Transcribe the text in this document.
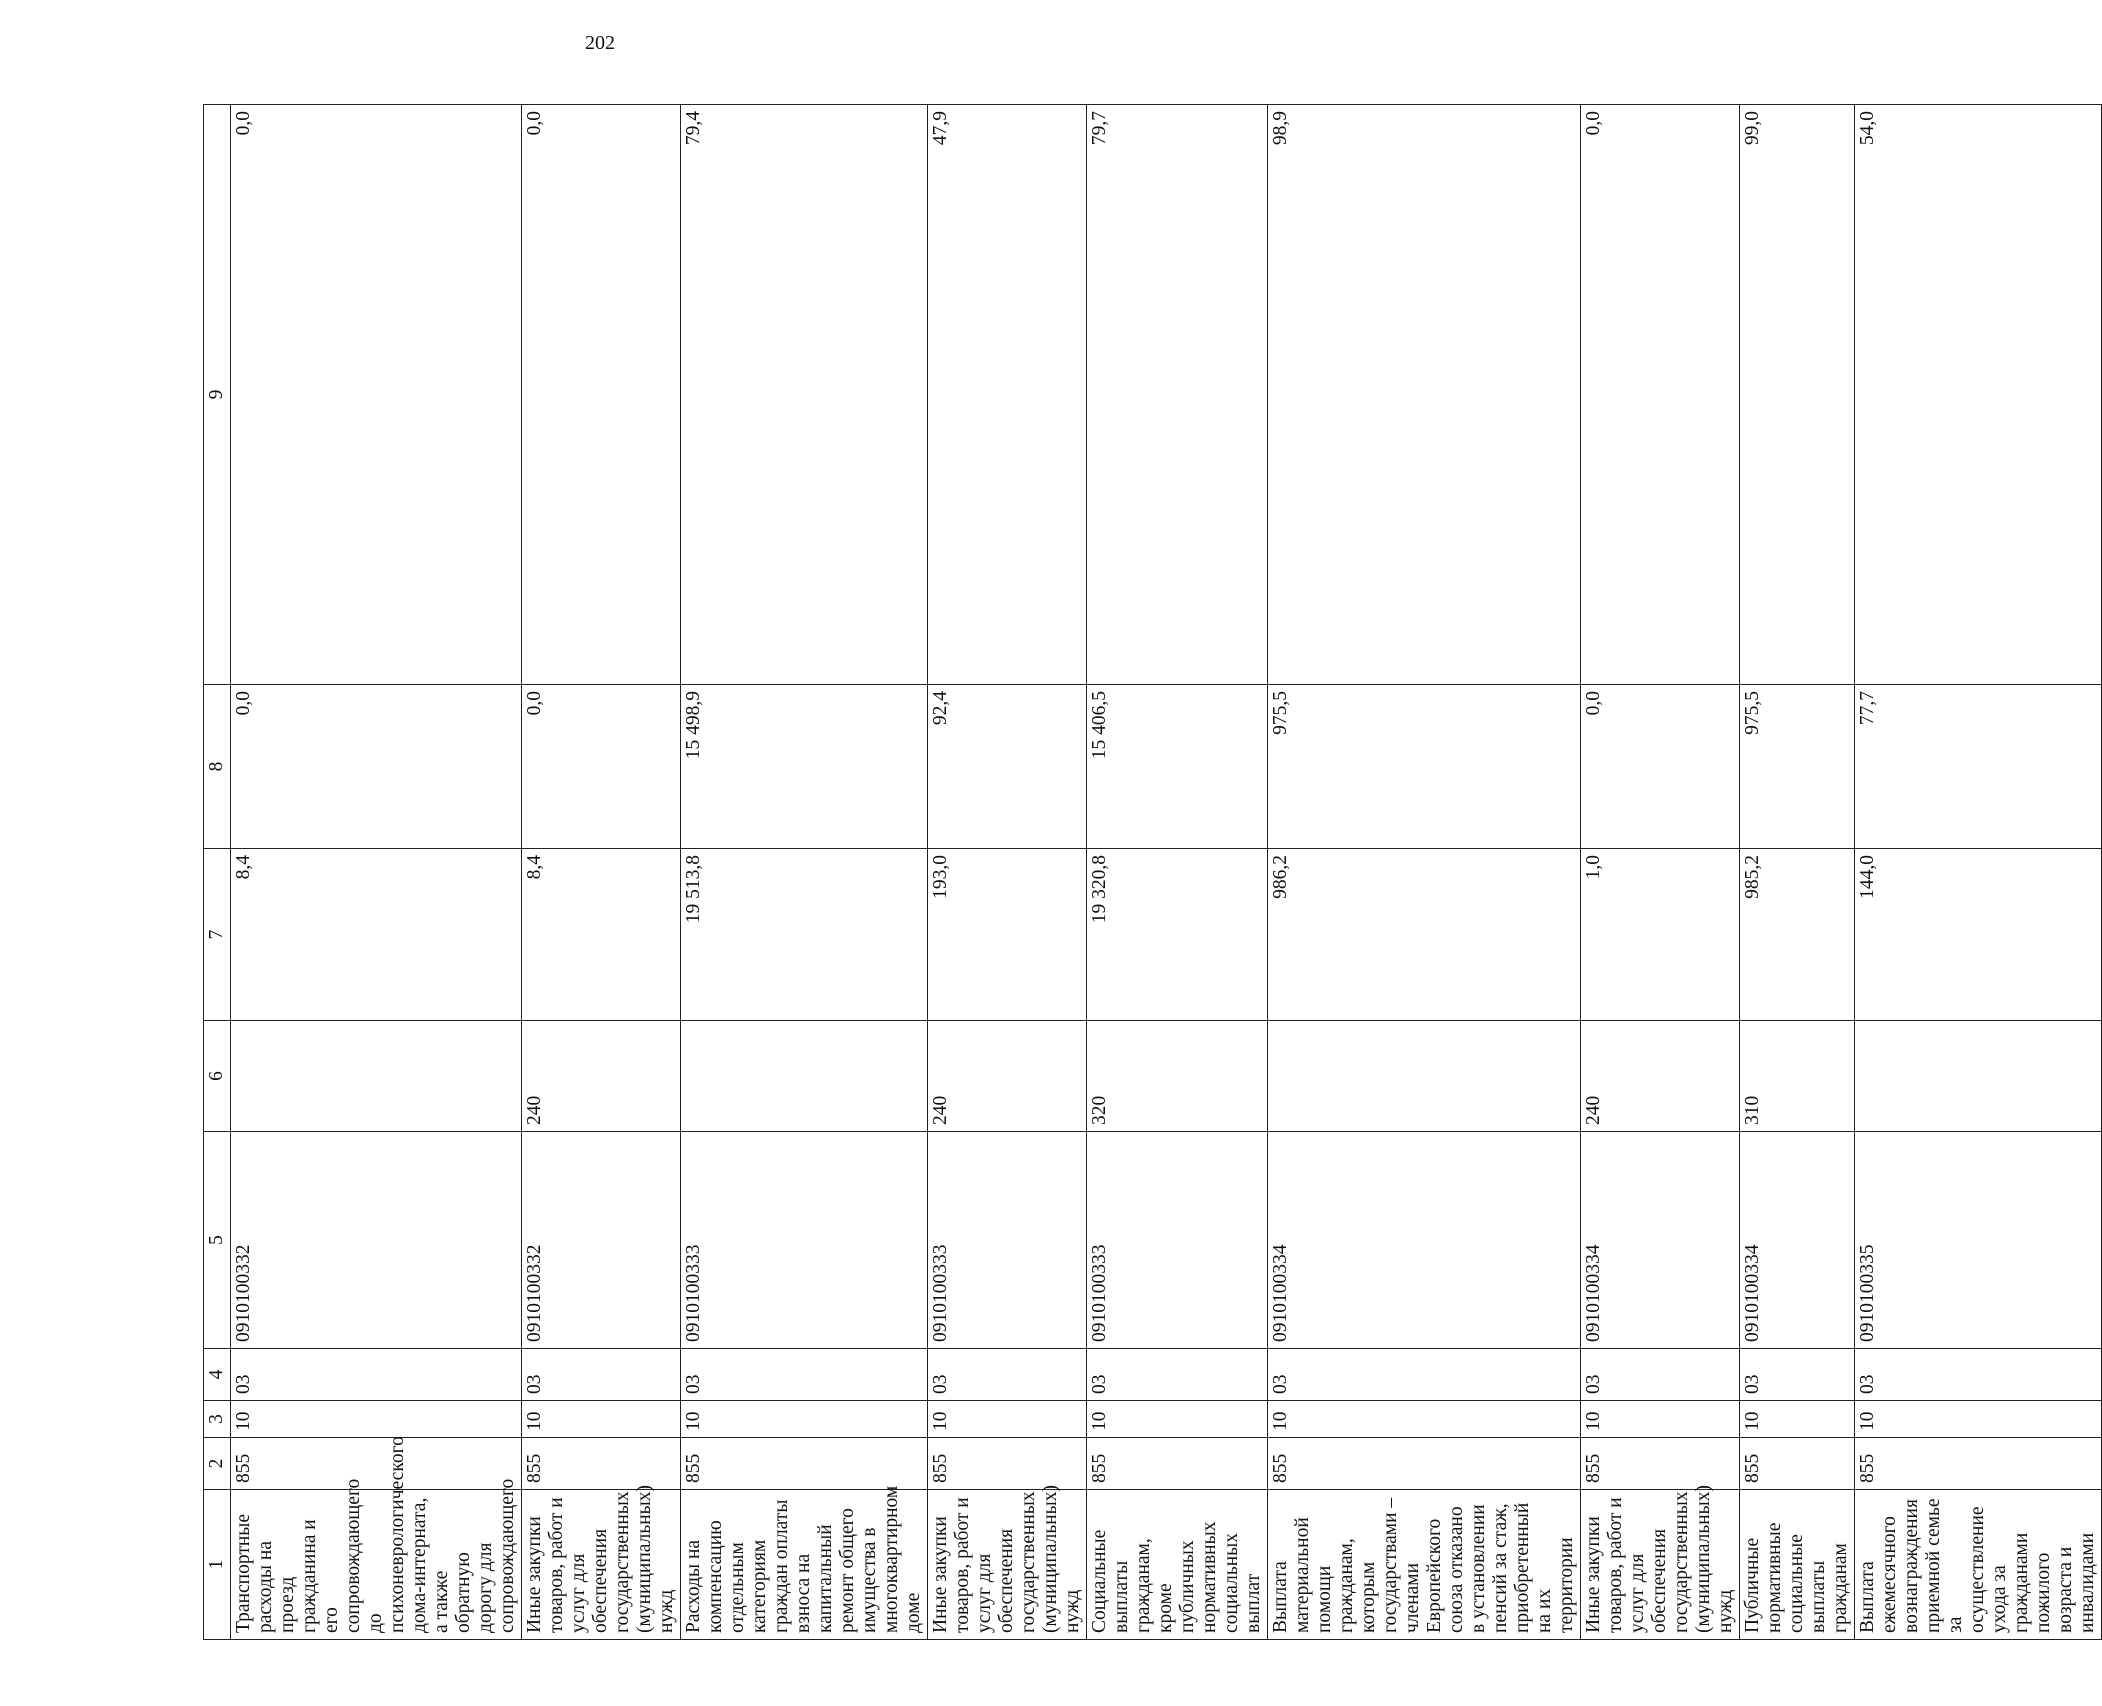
202
1	2	3	4	5	6	7	8	9
Транспортные расходы на проезд гражданина и его сопровождающего до психоневрологического дома-интерната, а также обратную дорогу для сопровождающего	855	10	03	0910100332		8,4	0,0	0,0
Иные закупки товаров, работ и услуг для обеспечения государственных (муниципальных) нужд	855	10	03	0910100332	240	8,4	0,0	0,0
Расходы на компенсацию отдельным категориям граждан оплаты взноса на капитальный ремонт общего имущества в многоквартирном доме	855	10	03	0910100333		19 513,8	15 498,9	79,4
Иные закупки товаров, работ и услуг для обеспечения государственных (муниципальных) нужд	855	10	03	0910100333	240	193,0	92,4	47,9
Социальные выплаты гражданам, кроме публичных нормативных социальных выплат	855	10	03	0910100333	320	19 320,8	15 406,5	79,7
Выплата материальной помощи гражданам, которым государствами – членами Европейского союза отказано в установлении пенсий за стаж, приобретенный на их территории	855	10	03	0910100334		986,2	975,5	98,9
Иные закупки товаров, работ и услуг для обеспечения государственных (муниципальных) нужд	855	10	03	0910100334	240	1,0	0,0	0,0
Публичные нормативные социальные выплаты гражданам	855	10	03	0910100334	310	985,2	975,5	99,0
Выплата ежемесячного вознаграждения приемной семье за осуществление ухода за гражданами пожилого возраста и инвалидами	855	10	03	0910100335		144,0	77,7	54,0
